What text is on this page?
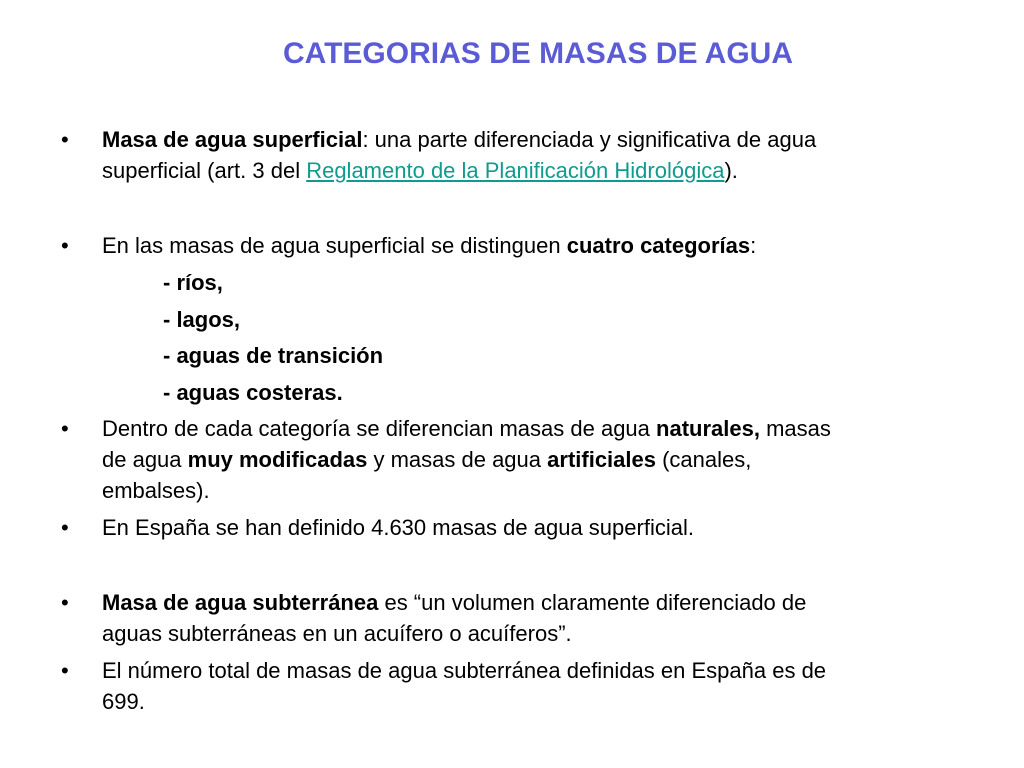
CATEGORIAS DE MASAS DE AGUA
• Masa de agua superficial: una parte diferenciada y significativa de agua
superficial (art. 3 del Reglamento de la Planificación Hidrológica).
• En las masas de agua superficial se distinguen cuatro categorías:
- ríos,
- lagos,
- aguas de transición
- aguas costeras.
• Dentro de cada categoría se diferencian masas de agua naturales, masas
de agua muy modificadas y masas de agua artificiales (canales,
embalses).
• En España se han definido 4.630 masas de agua superficial.
• Masa de agua subterránea es “un volumen claramente diferenciado de
aguas subterráneas en un acuífero o acuíferos”.
• El número total de masas de agua subterránea definidas en España es de
699.
